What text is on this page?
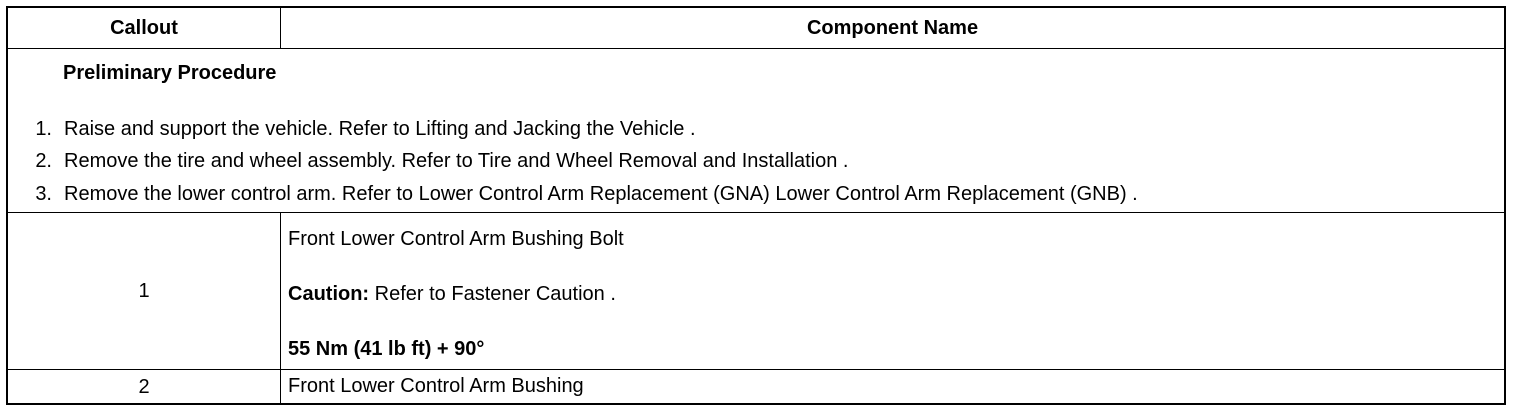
Callout	Component Name
Preliminary Procedure
1. Raise and support the vehicle. Refer to Lifting and Jacking the Vehicle .
2. Remove the tire and wheel assembly. Refer to Tire and Wheel Removal and Installation .
3. Remove the lower control arm. Refer to Lower Control Arm Replacement (GNA) Lower Control Arm Replacement (GNB) .
1
Front Lower Control Arm Bushing Bolt
Caution: Refer to Fastener Caution .
55 Nm (41 lb ft) + 90°
2	Front Lower Control Arm Bushing
